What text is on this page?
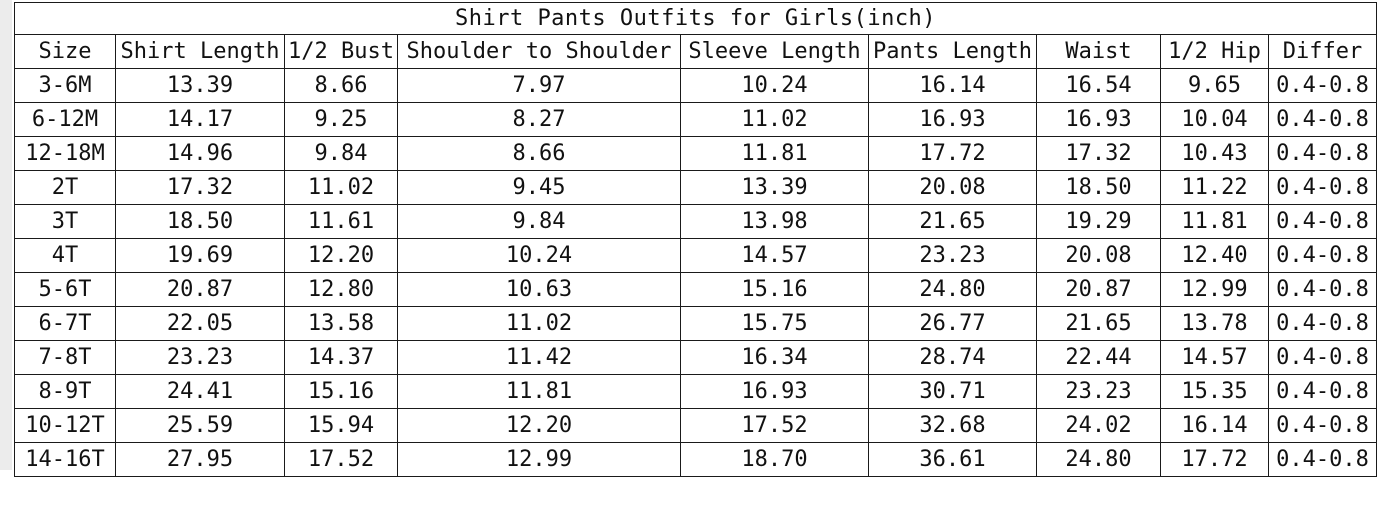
Shirt Pants Outfits for Girls(inch)								
Size	Shirt Length	1/2 Bust	Shoulder to Shoulder	Sleeve Length	Pants Length	Waist	1/2 Hip	Differ
3-6M	13.39	8.66	7.97	10.24	16.14	16.54	9.65	0.4-0.8
6-12M	14.17	9.25	8.27	11.02	16.93	16.93	10.04	0.4-0.8
12-18M	14.96	9.84	8.66	11.81	17.72	17.32	10.43	0.4-0.8
2T	17.32	11.02	9.45	13.39	20.08	18.50	11.22	0.4-0.8
3T	18.50	11.61	9.84	13.98	21.65	19.29	11.81	0.4-0.8
4T	19.69	12.20	10.24	14.57	23.23	20.08	12.40	0.4-0.8
5-6T	20.87	12.80	10.63	15.16	24.80	20.87	12.99	0.4-0.8
6-7T	22.05	13.58	11.02	15.75	26.77	21.65	13.78	0.4-0.8
7-8T	23.23	14.37	11.42	16.34	28.74	22.44	14.57	0.4-0.8
8-9T	24.41	15.16	11.81	16.93	30.71	23.23	15.35	0.4-0.8
10-12T	25.59	15.94	12.20	17.52	32.68	24.02	16.14	0.4-0.8
14-16T	27.95	17.52	12.99	18.70	36.61	24.80	17.72	0.4-0.8
